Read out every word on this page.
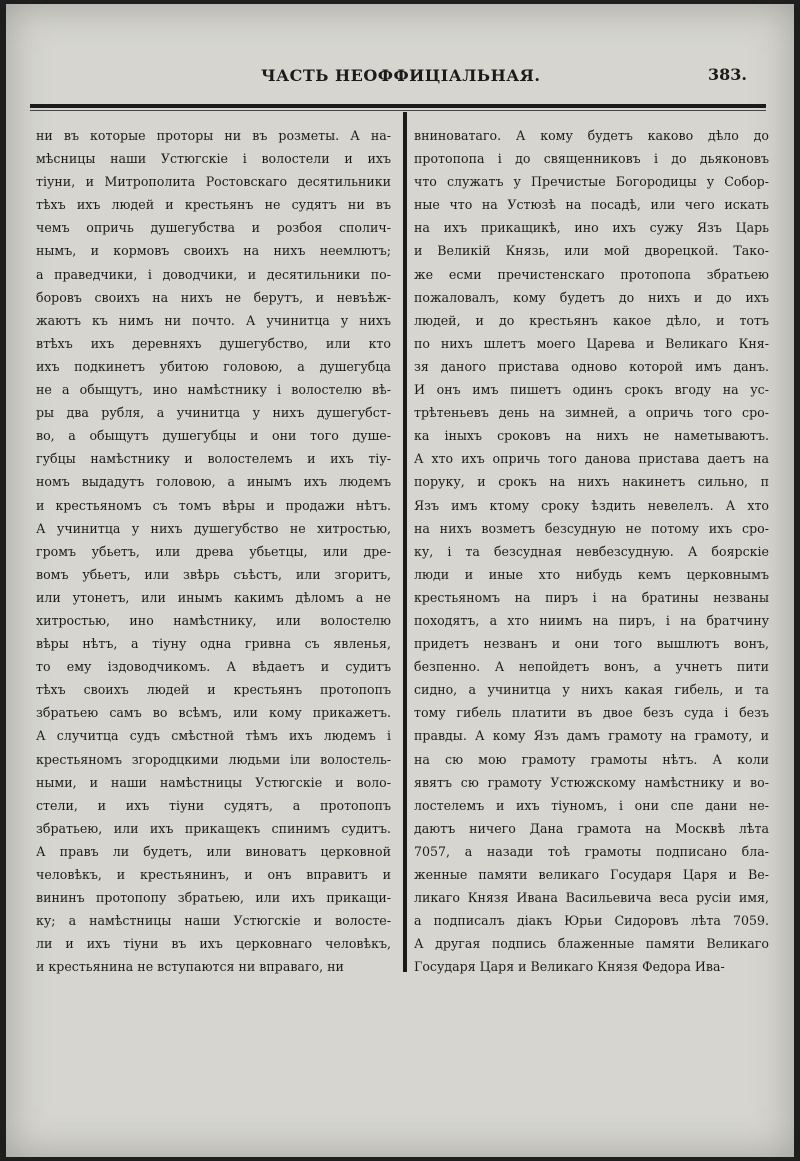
ЧАСТЬ НЕОФФИЦІАЛЬНАЯ.	383.
ни въ которые проторы ни въ розметы. А на-
мѣсницы наши Устюгскіе і волостели и ихъ
тіуни, и Митрополита Ростовскаго десятильники
тѣхъ ихъ людей и крестьянъ не судятъ ни въ
чемъ опричь душегубства и розбоя сполич-
нымъ, и кормовъ своихъ на нихъ неемлютъ;
а праведчики, і доводчики, и десятильники по-
боровъ своихъ на нихъ не берутъ, и невъѣж-
жаютъ къ нимъ ни почто. А учинитца у нихъ
втѣхъ ихъ деревняхъ душегубство, или кто
ихъ подкинетъ убитою головою, а душегубца
не а обыщутъ, ино намѣстнику і волостелю вѣ-
ры два рубля, а учинитца у нихъ душегубст-
во, а обыщутъ душегубцы и они того душе-
губцы намѣстнику и волостелемъ и ихъ тіу-
номъ выдадутъ головою, а инымъ ихъ людемъ
и крестьяномъ съ томъ вѣры и продажи нѣтъ.
А учинитца у нихъ душегубство не хитростью,
громъ убьетъ, или древа убьетцы, или дре-
вомъ убьетъ, или звѣрь съѣстъ, или згоритъ,
или утонетъ, или инымъ какимъ дѣломъ а не
хитростью, ино намѣстнику, или волостелю
вѣры нѣтъ, а тіуну одна гривна съ явленья,
то ему іздоводчикомъ. А вѣдаетъ и судитъ
тѣхъ своихъ людей и крестьянъ протопопъ
збратьею самъ во всѣмъ, или кому прикажетъ.
А случитца судъ смѣстной тѣмъ ихъ людемъ і
крестьяномъ згородцкими людьми іли волостель-
ными, и наши намѣстницы Устюгскіе и воло-
стели, и ихъ тіуни судятъ, а протопопъ
збратьею, или ихъ прикащекъ спинимъ судитъ.
А правъ ли будетъ, или виноватъ церковной
человѣкъ, и крестьянинъ, и онъ вправитъ и
вининъ протопопу збратьею, или ихъ прикащи-
ку; а намѣстницы наши Устюгскіе и волосте-
ли и ихъ тіуни въ ихъ церковнаго человѣкъ,
и крестьянина не вступаются ни вправаго, ни
вниноватаго. А кому будетъ каково дѣло до
протопопа і до священниковъ і до дьяконовъ
что служатъ у Пречистые Богородицы у Собор-
ные что на Устюзѣ на посадѣ, или чего искать
на ихъ прикащикѣ, ино ихъ сужу Язъ Царь
и Великій Князь, или мой дворецкой. Тако-
же есми пречистенскаго протопопа збратьею
пожаловалъ, кому будетъ до нихъ и до ихъ
людей, и до крестьянъ какое дѣло, и тотъ
по нихъ шлетъ моего Царева и Великаго Кня-
зя даного пристава одново которой имъ данъ.
И онъ имъ пишетъ одинъ срокъ вгоду на ус-
трѣтеньевъ день на зимней, а опричь того сро-
ка іныхъ сроковъ на нихъ не наметываютъ.
А хто ихъ опричь того данова пристава даетъ на
поруку, и срокъ на нихъ накинетъ сильно, п
Язъ имъ ктому сроку ѣздить невелелъ. А хто
на нихъ возметъ безсудную не потому ихъ сро-
ку, і та безсудная невбезсудную. А боярскіе
люди и иные хто нибудь кемъ церковнымъ
крестьяномъ на пиръ і на братины незваны
походятъ, а хто ниимъ на пиръ, і на братчину
придетъ незванъ и они того вышлютъ вонъ,
безпенно. А непойдетъ вонъ, а учнетъ пити
сидно, а учинитца у нихъ какая гибель, и та
тому гибель платити въ двое безъ суда і безъ
правды. А кому Язъ дамъ грамоту на грамоту, и
на сю мою грамоту грамоты нѣтъ. А коли
явятъ сю грамоту Устюжскому намѣстнику и во-
лостелемъ и ихъ тіуномъ, і они спе дани не-
даютъ ничего Дана грамота на Москвѣ лѣта
7057, а назади тоѣ грамоты подписано бла-
женные памяти великаго Государя Царя и Ве-
ликаго Князя Ивана Васильевича веса русіи имя,
а подписалъ діакъ Юрьи Сидоровъ лѣта 7059.
А другая подпись блаженные памяти Великаго
Государя Царя и Великаго Князя Федора Ива-
